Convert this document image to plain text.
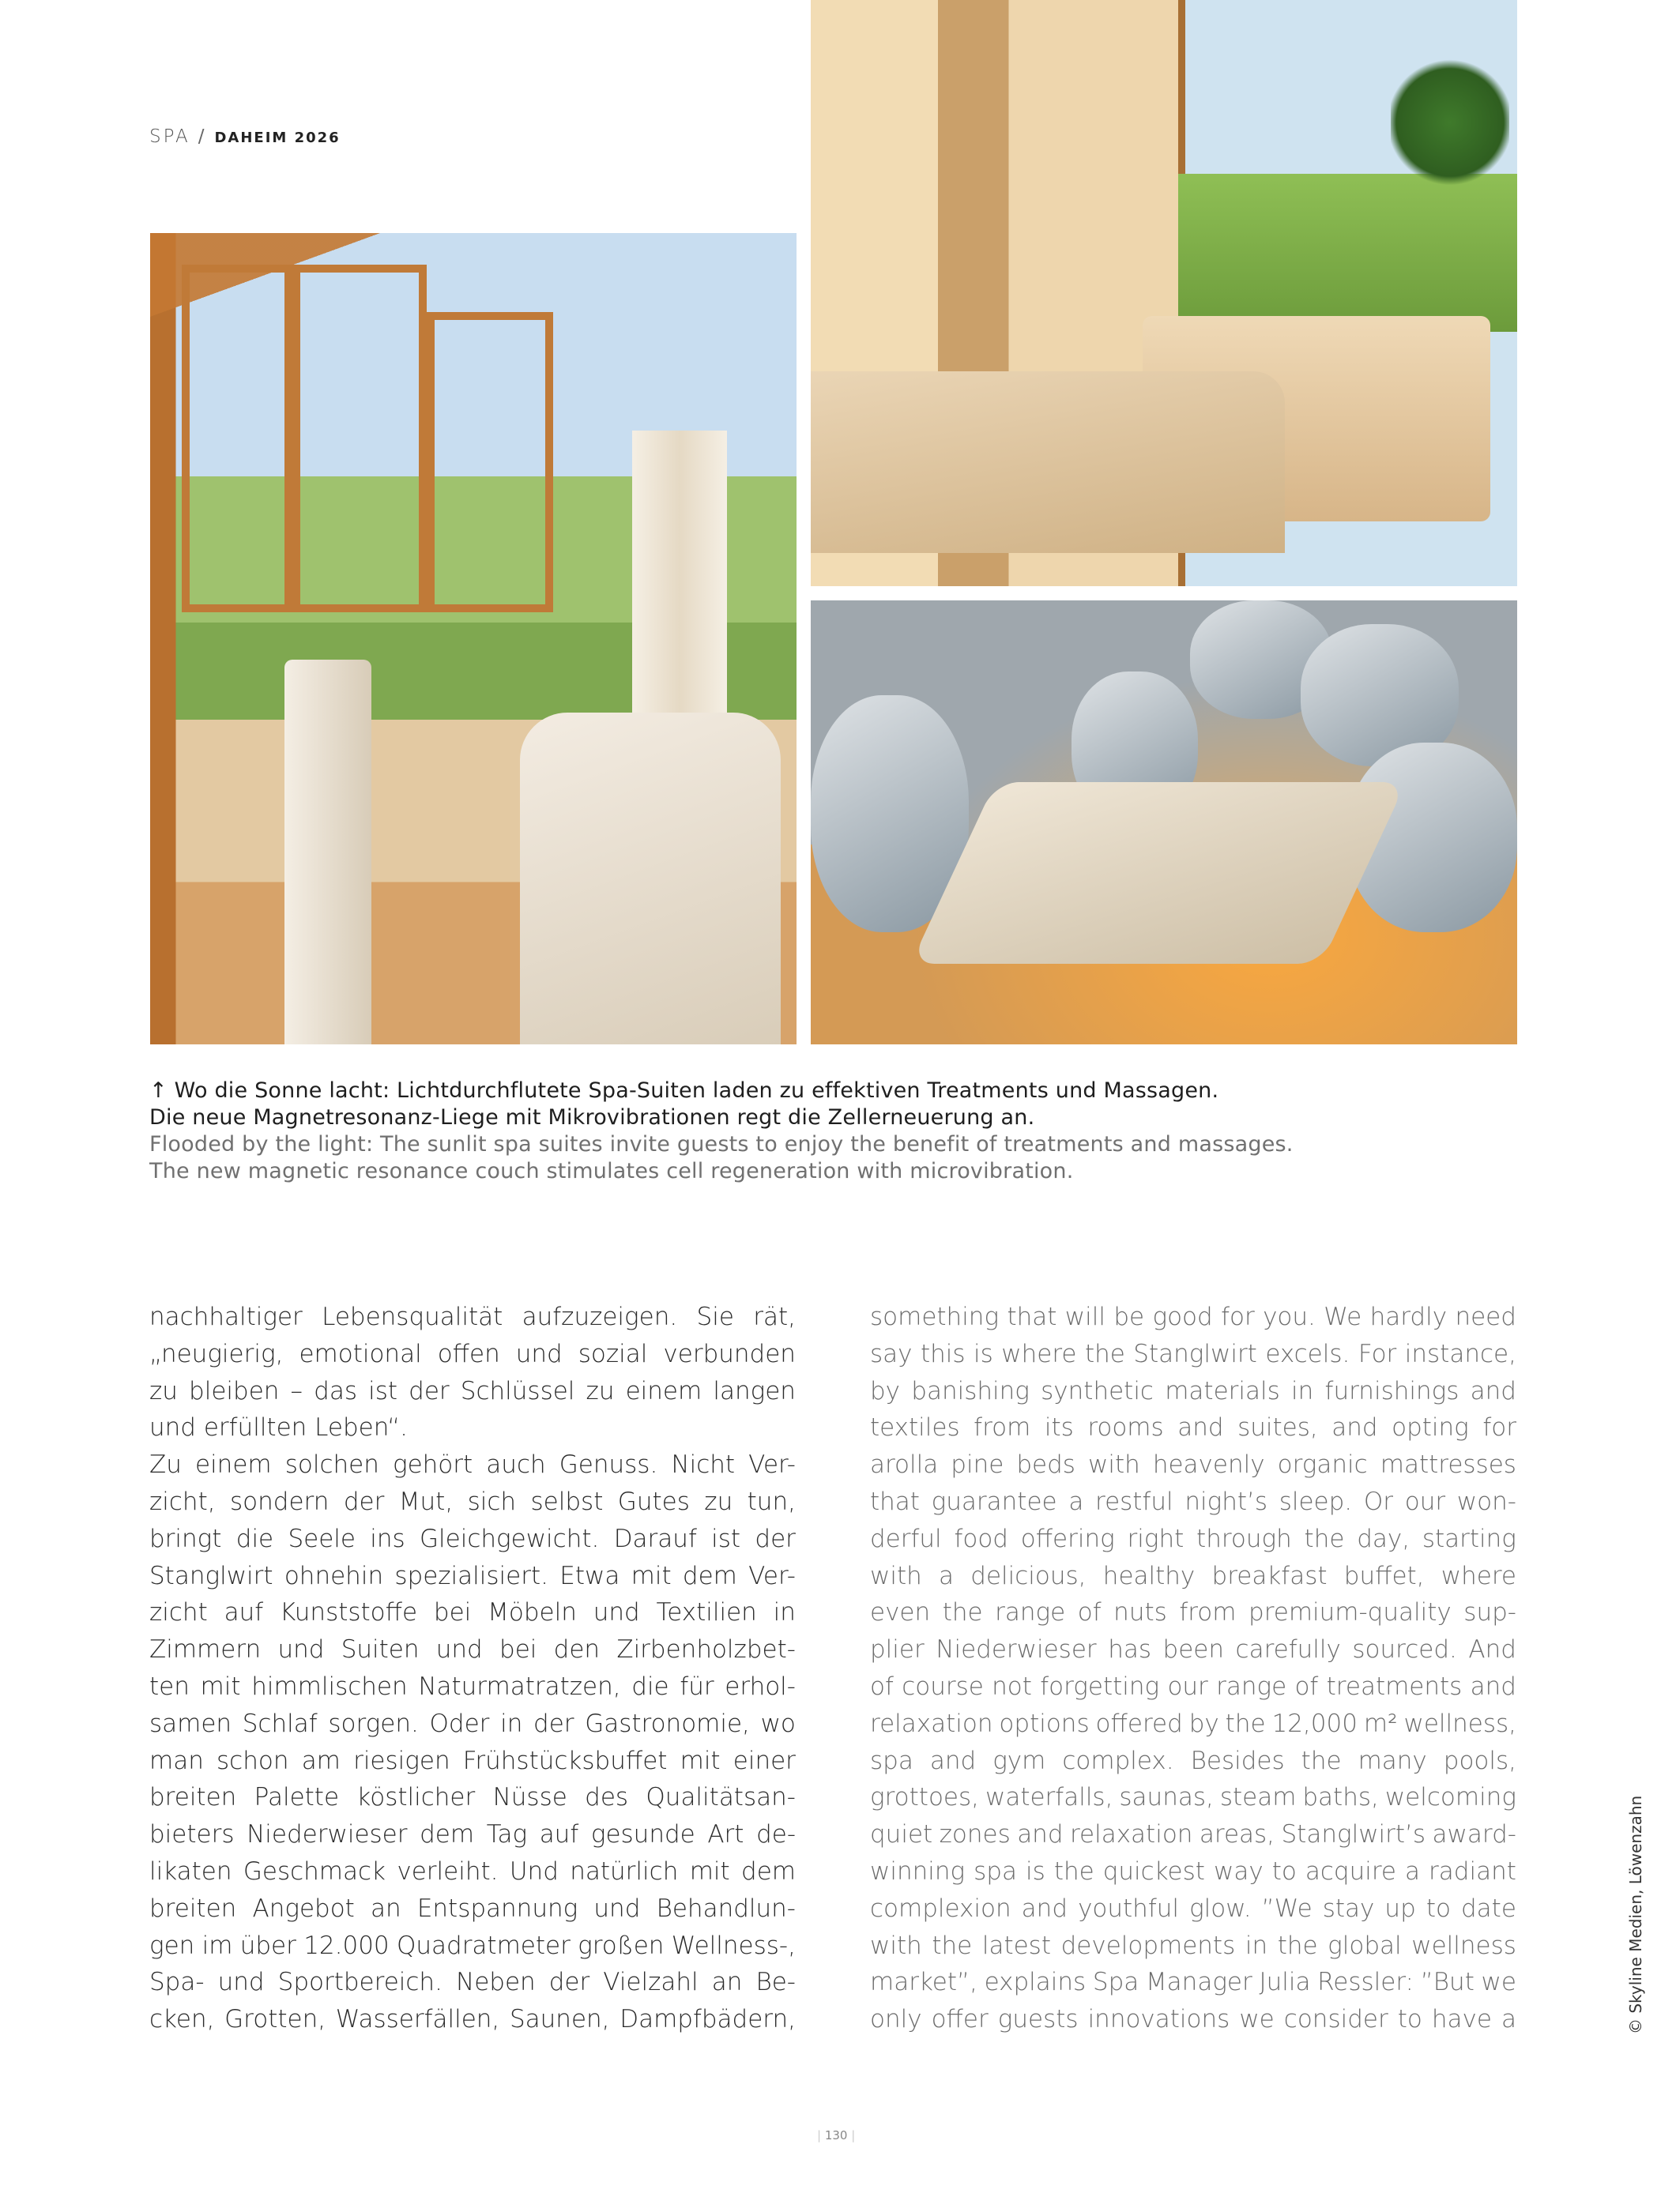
SPA / DAHEIM 2026
↑ Wo die Sonne lacht: Lichtdurchflutete Spa-Suiten laden zu effektiven Treatments und Massagen.
Die neue Magnetresonanz-Liege mit Mikrovibrationen regt die Zellerneuerung an.
Flooded by the light: The sunlit spa suites invite guests to enjoy the benefit of treatments and massages.
The new magnetic resonance couch stimulates cell regeneration with microvibration.
nachhaltiger Lebensqualität aufzuzeigen. Sie rät,
„neugierig, emotional offen und sozial verbunden
zu bleiben – das ist der Schlüssel zu einem langen
und erfüllten Leben“.
Zu einem solchen gehört auch Genuss. Nicht Ver-
zicht, sondern der Mut, sich selbst Gutes zu tun,
bringt die Seele ins Gleichgewicht. Darauf ist der
Stanglwirt ohnehin spezialisiert. Etwa mit dem Ver-
zicht auf Kunststoffe bei Möbeln und Textilien in
Zimmern und Suiten und bei den Zirbenholzbet-
ten mit himmlischen Naturmatratzen, die für erhol-
samen Schlaf sorgen. Oder in der Gastronomie, wo
man schon am riesigen Frühstücksbuffet mit einer
breiten Palette köstlicher Nüsse des Qualitätsan-
bieters Niederwieser dem Tag auf gesunde Art de-
likaten Geschmack verleiht. Und natürlich mit dem
breiten Angebot an Entspannung und Behandlun-
gen im über 12.000 Quadratmeter großen Wellness-,
Spa- und Sportbereich. Neben der Vielzahl an Be-
cken, Grotten, Wasserfällen, Saunen, Dampfbädern,
something that will be good for you. We hardly need
say this is where the Stanglwirt excels. For instance,
by banishing synthetic materials in furnishings and
textiles from its rooms and suites, and opting for
arolla pine beds with heavenly organic mattresses
that guarantee a restful night’s sleep. Or our won-
derful food offering right through the day, starting
with a delicious, healthy breakfast buffet, where
even the range of nuts from premium-quality sup-
plier Niederwieser has been carefully sourced. And
of course not forgetting our range of treatments and
relaxation options offered by the 12,000 m² wellness,
spa and gym complex. Besides the many pools,
grottoes, waterfalls, saunas, steam baths, welcoming
quiet zones and relaxation areas, Stanglwirt’s award-
winning spa is the quickest way to acquire a radiant
complexion and youthful glow. ”We stay up to date
with the latest developments in the global wellness
market”, explains Spa Manager Julia Ressler: ”But we
only offer guests innovations we consider to have a	© Skyline Medien, Löwenzahn
| 130 |
